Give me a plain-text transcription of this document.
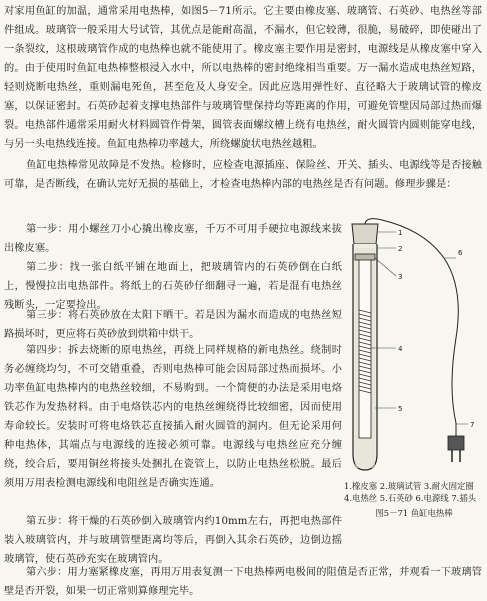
对家用鱼缸的加温，通常采用电热棒，如图5－71所示。它主要由橡皮塞、玻璃管、石英砂、电热丝等部件组成。玻璃管一般采用大号试管，其优点是能耐高温，不漏水，但它较薄，很脆，易破碎，即使碰出了一条裂纹，这根玻璃管作成的电热棒也就不能使用了。橡皮塞主要作用是密封，电源线是从橡皮塞中穿入的。由于使用时鱼缸电热棒整根浸入水中，所以电热棒的密封绝缘相当重要。万一漏水造成电热丝短路，轻则烧断电热丝，重则漏电死鱼，甚至危及人身安全。因此应选用弹性好、直径略大于玻璃试管的橡皮塞，以保证密封。石英砂起着支撑电热部件与玻璃管壁保持均等距离的作用，可避免管壁因局部过热而爆裂。电热部件通常采用耐火材料圆管作骨架，圆管表面螺纹槽上绕有电热丝，耐火圆管内圆则能穿电线，与另一头电热线连接。鱼缸电热棒功率越大，所绕螺旋状电热丝越粗。

鱼缸电热棒常见故障是不发热。检修时，应检查电源插座、保险丝、开关、插头、电源线等是否接触可靠，是否断线，在确认完好无损的基础上，才检查电热棒内部的电热丝是否有问题。修理步骤是：

第一步：用小螺丝刀小心撬出橡皮塞，千万不可用手硬拉电源线来拔出橡皮塞。

第二步：找一张白纸平铺在地面上，把玻璃管内的石英砂倒在白纸上，慢慢拉出电热部件。将纸上的石英砂仔细翻寻一遍，若是混有电热丝残断头，一定要捡出。

第三步：将石英砂放在太阳下晒干。若是因为漏水而造成的电热丝短路损坏时，更应将石英砂放到烘箱中烘干。

第四步：拆去烧断的原电热丝，再绕上同样规格的新电热丝。绕制时务必缠绕均匀，不可交错重叠，否则电热棒可能会因局部过热而损坏。小功率鱼缸电热棒内的电热丝较细，不易购到。一个简便的办法是采用电烙铁芯作为发热材料。由于电烙铁芯内的电热丝缠绕得比较细密，因而使用寿命较长。安装时可将电烙铁芯直接插入耐火圆管的洞内。但无论采用何种电热体，其端点与电源线的连接必须可靠。电源线与电热丝应充分缠绕，绞合后，要用铜丝将接头处捆扎在瓷管上，以防止电热丝松脱。最后须用万用表检测电源线和电阻丝是否确实连通。

第五步：将干燥的石英砂倒入玻璃管内约10mm左右，再把电热部件装入玻璃管内，并与玻璃管壁距离均等后，再倒入其余石英砂，边倒边摇玻璃管，使石英砂充实在玻璃管内。

第六步：用力塞紧橡皮塞，再用万用表复测一下电热棒两电极间的阻值是否正常，并观看一下玻璃管壁是否开裂，如果一切正常则算修理完毕。

1
2
3
4
5
6
7

1.橡皮塞 2.玻璃试管 3.耐火固定圈 4.电热丝 5.石英砂 6.电源线 7.插头

图5－71 鱼缸电热棒
